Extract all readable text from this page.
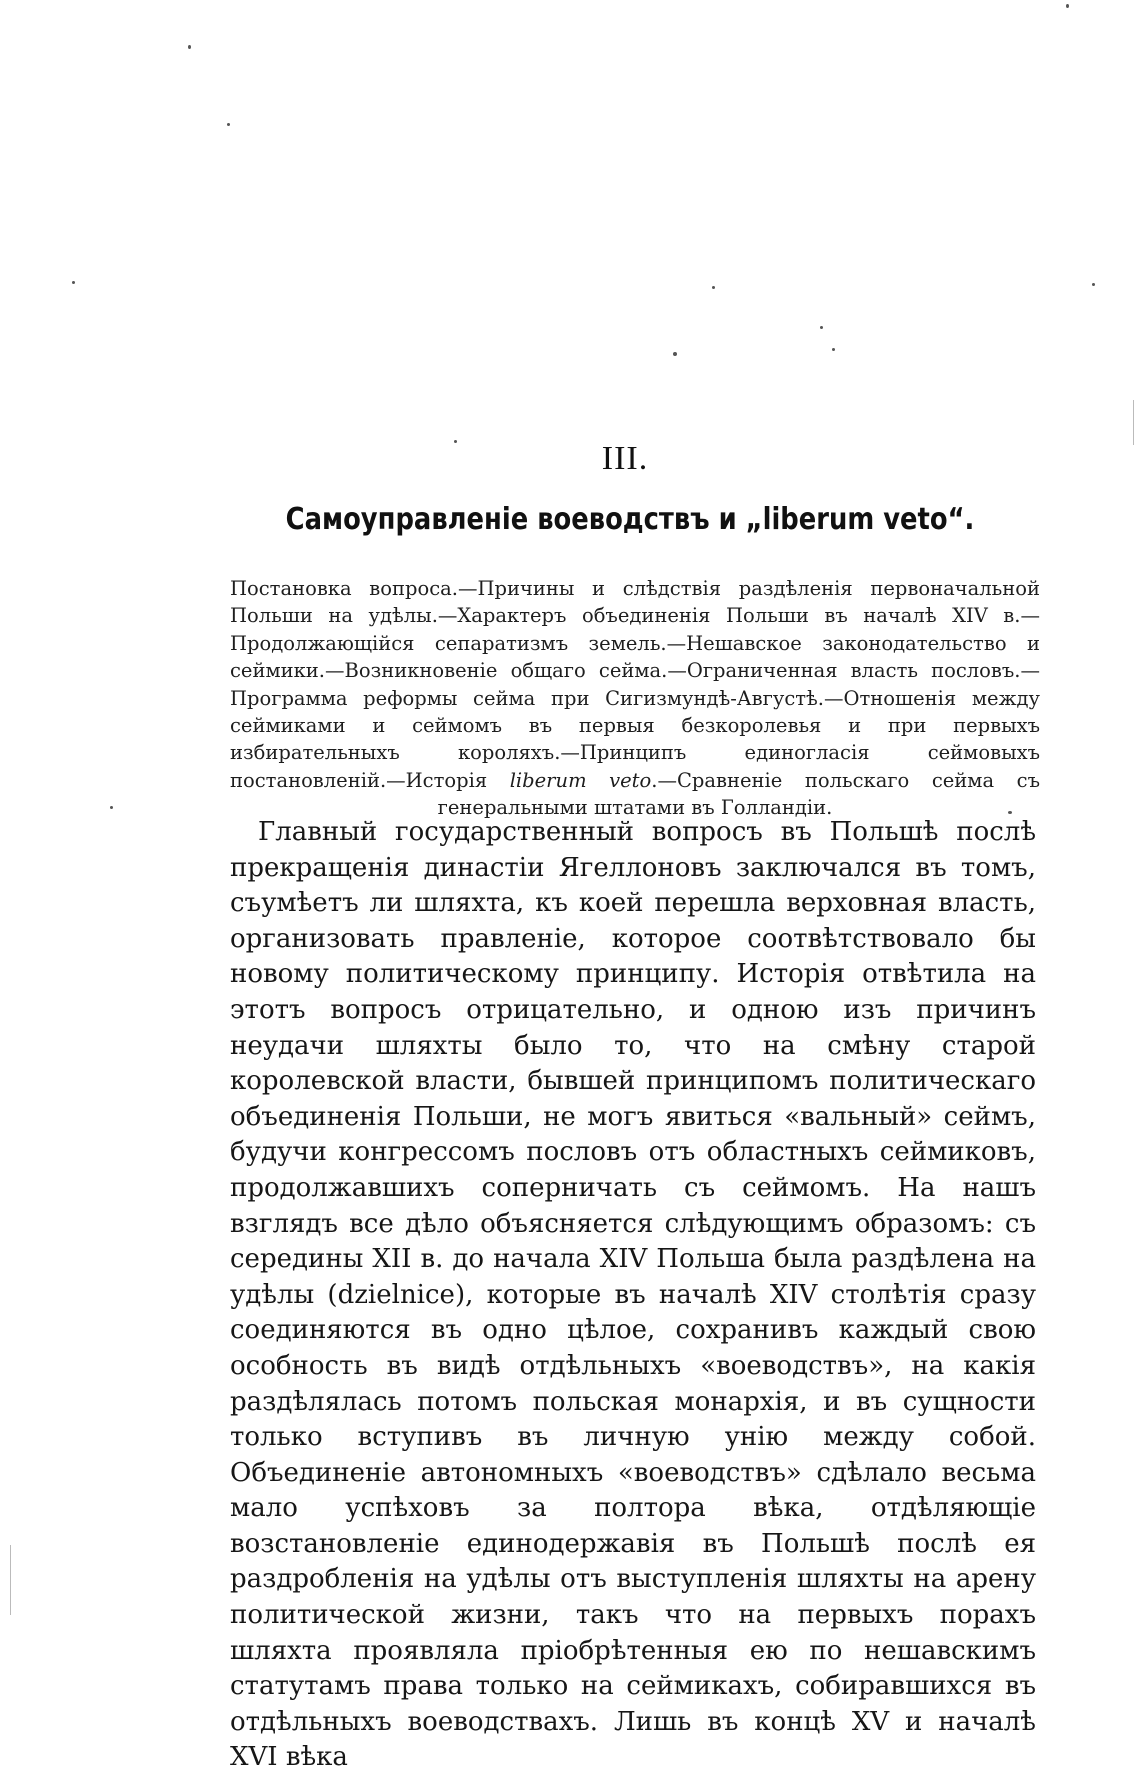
III.
Самоуправленіе воеводствъ и „liberum veto“.
Постановка вопроса.—Причины и слѣдствія раздѣленія первоначальной Польши на удѣлы.—Характеръ объединенія Польши въ началѣ XIV в.—Продолжающійся сепаратизмъ земель.—Нешавское законодательство и сеймики.—Возникновеніе общаго сейма.—Ограниченная власть пословъ.—Программа реформы сейма при Сигизмундѣ-Августѣ.—Отношенія между сеймиками и сеймомъ въ первыя безкоролевья и при первыхъ избирательныхъ короляхъ.—Принципъ единогласія сеймовыхъ постановленій.—Исторія liberum veto.—Сравненіе польскаго сейма съ генеральными штатами въ Голландіи.

Главный государственный вопросъ въ Польшѣ послѣ прекращенія династіи Ягеллоновъ заключался въ томъ, съумѣетъ ли шляхта, къ коей перешла верховная власть, организовать правленіе, которое соотвѣтствовало бы новому политическому принципу. Исторія отвѣтила на этотъ вопросъ отрицательно, и одною изъ причинъ неудачи шляхты было то, что на смѣну старой королевской власти, бывшей принципомъ политическаго объединенія Польши, не могъ явиться «вальный» сеймъ, будучи конгрессомъ пословъ отъ областныхъ сеймиковъ, продолжавшихъ соперничать съ сеймомъ. На нашъ взглядъ все дѣло объясняется слѣдующимъ образомъ: съ середины XII в. до начала XIV Польша была раздѣлена на удѣлы (dzielnice), которые въ началѣ XIV столѣтія сразу соединяются въ одно цѣлое, сохранивъ каждый свою особность въ видѣ отдѣльныхъ «воеводствъ», на какія раздѣлялась потомъ польская монархія, и въ сущности только вступивъ въ личную унію между собой. Объединеніе автономныхъ «воеводствъ» сдѣлало весьма мало успѣховъ за полтора вѣка, отдѣляющіе возстановленіе единодержавія въ Польшѣ послѣ ея раздробленія на удѣлы отъ выступленія шляхты на арену политической жизни, такъ что на первыхъ порахъ шляхта проявляла пріобрѣтенныя ею по нешавскимъ статутамъ права только на сеймикахъ, собиравшихся въ отдѣльныхъ воеводствахъ. Лишь въ концѣ XV и началѣ XVI вѣка
